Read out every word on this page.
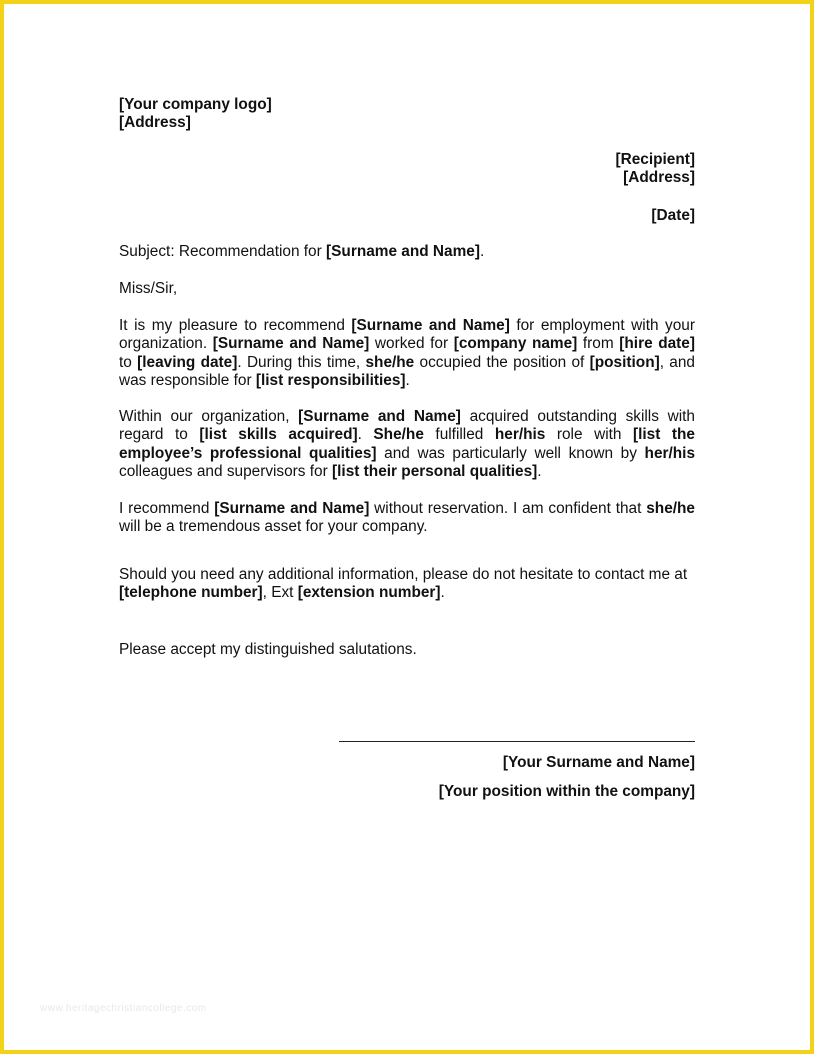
[Your company logo]
[Address]
[Recipient]
[Address]
[Date]
Subject: Recommendation for [Surname and Name].
Miss/Sir,
It is my pleasure to recommend [Surname and Name] for employment with your organization. [Surname and Name] worked for [company name] from [hire date] to [leaving date]. During this time, she/he occupied the position of [position], and was responsible for [list responsibilities].
Within our organization, [Surname and Name] acquired outstanding skills with regard to [list skills acquired]. She/he fulfilled her/his role with [list the employee’s professional qualities] and was particularly well known by her/his colleagues and supervisors for [list their personal qualities].
I recommend [Surname and Name] without reservation. I am confident that she/he will be a tremendous asset for your company.
Should you need any additional information, please do not hesitate to contact me at [telephone number], Ext [extension number].
Please accept my distinguished salutations.
[Your Surname and Name]
[Your position within the company]
www.heritagechristiancollege.com
